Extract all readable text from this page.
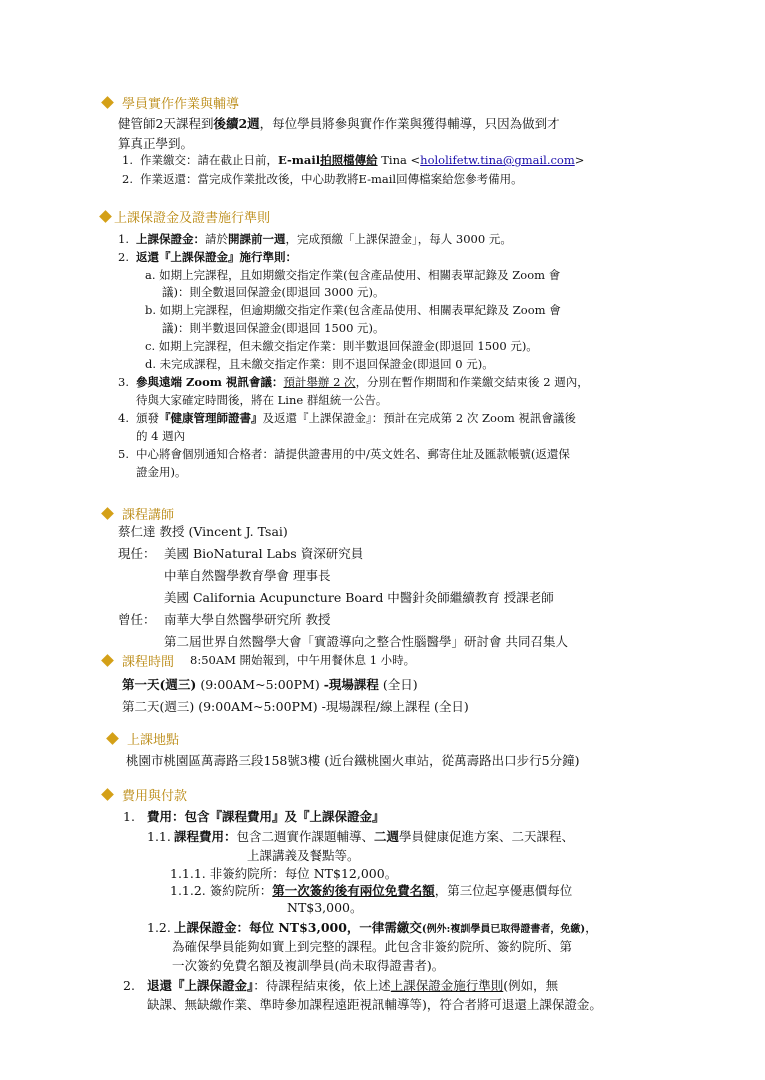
學員實作作業與輔導
健管師2天課程到後續2週，每位學員將參與實作作業與獲得輔導，只因為做到才
算真正學到。
1. 作業繳交：請在截止日前，E-mail拍照檔傳給 Tina <hololifetw.tina@gmail.com>
2. 作業返還：當完成作業批改後，中心助教將E-mail回傳檔案給您參考備用。
上課保證金及證書施行準則
1. 上課保證金：請於開課前一週，完成預繳「上課保證金」，每人 3000 元。
2. 返還『上課保證金』施行準則：
a. 如期上完課程，且如期繳交指定作業(包含產品使用、相關表單記錄及 Zoom 會
議)：則全數退回保證金(即退回 3000 元)。
b. 如期上完課程，但逾期繳交指定作業(包含產品使用、相關表單紀錄及 Zoom 會
議)：則半數退回保證金(即退回 1500 元)。
c. 如期上完課程，但未繳交指定作業：則半數退回保證金(即退回 1500 元)。
d. 未完成課程，且未繳交指定作業：則不退回保證金(即退回 0 元)。
3. 參與遠端 Zoom 視訊會議：預計舉辦 2 次，分別在暫作期間和作業繳交結束後 2 週內，
待與大家確定時間後，將在 Line 群組統一公告。
4. 頒發『健康管理師證書』及返還『上課保證金』：預計在完成第 2 次 Zoom 視訊會議後
的 4 週內
5. 中心將會個別通知合格者：請提供證書用的中/英文姓名、郵寄住址及匯款帳號(返還保
證金用)。
課程講師
蔡仁達 教授 (Vincent J. Tsai)
現任： 美國 BioNatural Labs 資深研究員
中華自然醫學教育學會 理事長
美國 California Acupuncture Board 中醫針灸師繼續教育 授課老師
曾任： 南華大學自然醫學研究所 教授
第二屆世界自然醫學大會「實證導向之整合性腦醫學」研討會 共同召集人
課程時間 8:50AM 開始報到，中午用餐休息 1 小時。
第一天(週三) (9:00AM~5:00PM) -現場課程 (全日)
第二天(週三) (9:00AM~5:00PM) -現場課程/線上課程 (全日)
上課地點
桃園市桃園區萬壽路三段158號3樓 (近台鐵桃園火車站，從萬壽路出口步行5分鐘)
費用與付款
1. 費用：包含『課程費用』及『上課保證金』
1.1. 課程費用：包含二週實作課題輔導、二週學員健康促進方案、二天課程、
上課講義及餐點等。
1.1.1. 非簽約院所：每位 NT$12,000。
1.1.2. 簽約院所：第一次簽約後有兩位免費名額，第三位起享優惠價每位
NT$3,000。
1.2. 上課保證金：每位 NT$3,000，一律需繳交(例外:複訓學員已取得證書者，免繳)，
為確保學員能夠如實上到完整的課程。此包含非簽約院所、簽約院所、第
一次簽約免費名額及複訓學員(尚未取得證書者)。
2. 退還『上課保證金』：待課程結束後，依上述上課保證金施行準則(例如，無
缺課、無缺繳作業、準時參加課程遠距視訊輔導等)，符合者將可退還上課保證金。
